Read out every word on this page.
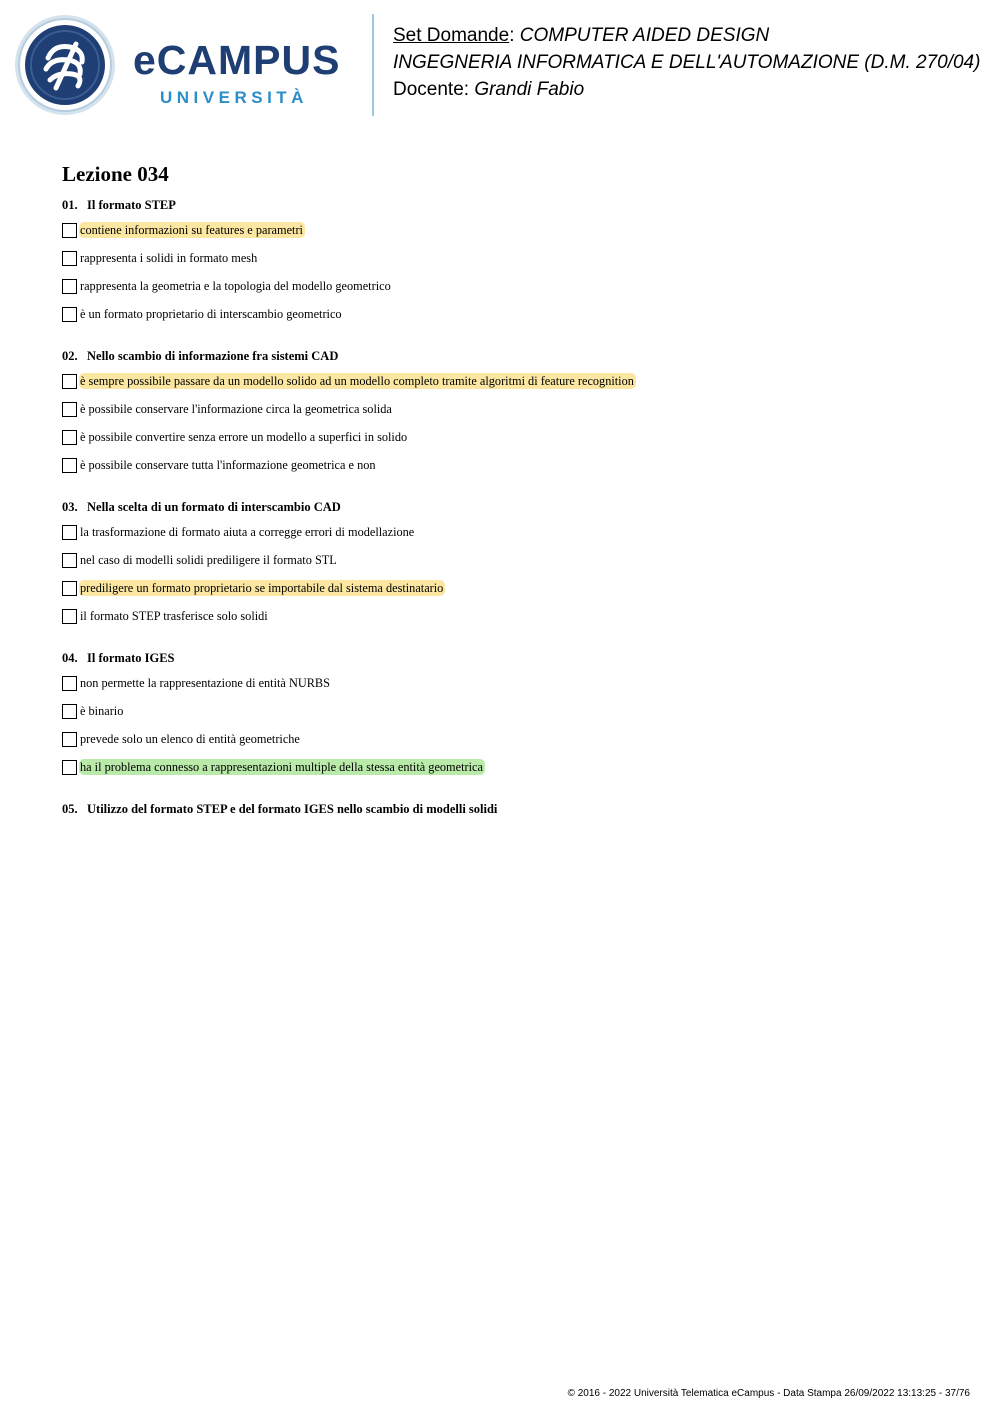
eCAMPUS
UNIVERSITÀ
Set Domande: COMPUTER AIDED DESIGN
INGEGNERIA INFORMATICA E DELL'AUTOMAZIONE (D.M. 270/04)
Docente: Grandi Fabio
Lezione 034
01. Il formato STEP
contiene informazioni su features e parametri
rappresenta i solidi in formato mesh
rappresenta la geometria e la topologia del modello geometrico
è un formato proprietario di interscambio geometrico
02. Nello scambio di informazione fra sistemi CAD
è sempre possibile passare da un modello solido ad un modello completo tramite algoritmi di feature recognition
è possibile conservare l'informazione circa la geometrica solida
è possibile convertire senza errore un modello a superfici in solido
è possibile conservare tutta l'informazione geometrica e non
03. Nella scelta di un formato di interscambio CAD
la trasformazione di formato aiuta a corregge errori di modellazione
nel caso di modelli solidi prediligere il formato STL
prediligere un formato proprietario se importabile dal sistema destinatario
il formato STEP trasferisce solo solidi
04. Il formato IGES
non permette la rappresentazione di entità NURBS
è binario
prevede solo un elenco di entità geometriche
ha il problema connesso a rappresentazioni multiple della stessa entità geometrica
05. Utilizzo del formato STEP e del formato IGES nello scambio di modelli solidi
© 2016 - 2022 Università Telematica eCampus - Data Stampa 26/09/2022 13:13:25 - 37/76
